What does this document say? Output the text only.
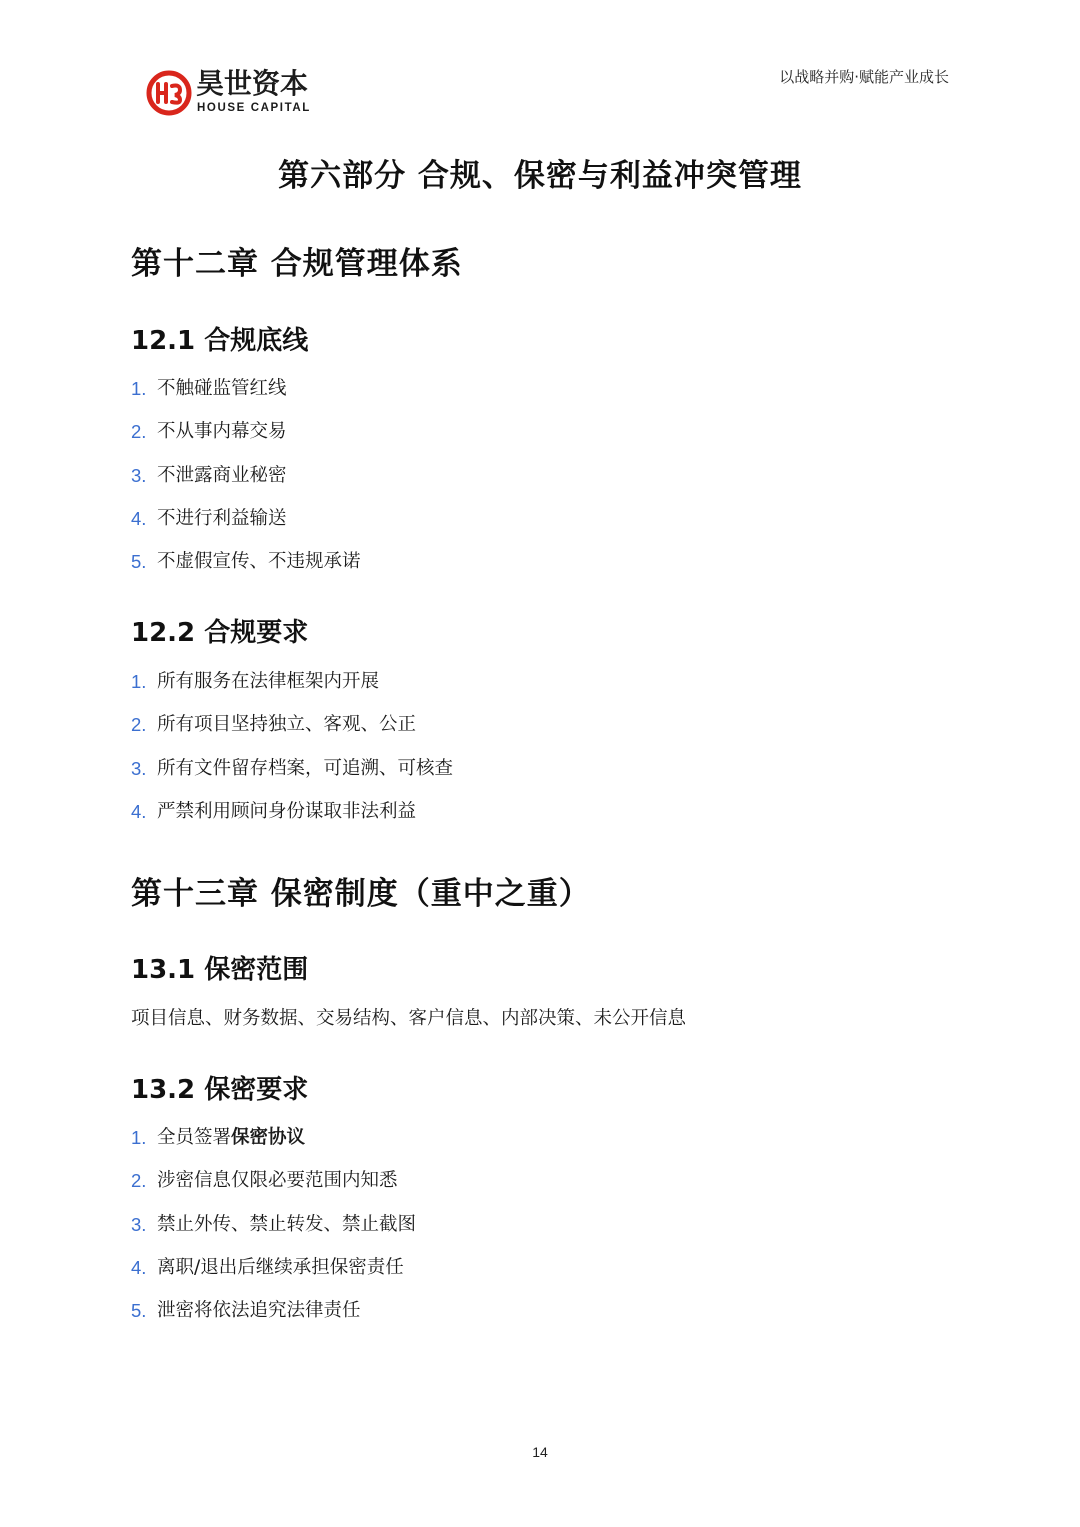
昊世资本
HOUSE CAPITAL
以战略并购·赋能产业成长
第六部分 合规、保密与利益冲突管理
第十二章 合规管理体系
12.1 合规底线
1. 不触碰监管红线
2. 不从事内幕交易
3. 不泄露商业秘密
4. 不进行利益输送
5. 不虚假宣传、不违规承诺
12.2 合规要求
1. 所有服务在法律框架内开展
2. 所有项目坚持独立、客观、公正
3. 所有文件留存档案，可追溯、可核查
4. 严禁利用顾问身份谋取非法利益
第十三章 保密制度（重中之重）
13.1 保密范围
项目信息、财务数据、交易结构、客户信息、内部决策、未公开信息
13.2 保密要求
1. 全员签署保密协议
2. 涉密信息仅限必要范围内知悉
3. 禁止外传、禁止转发、禁止截图
4. 离职/退出后继续承担保密责任
5. 泄密将依法追究法律责任
14
